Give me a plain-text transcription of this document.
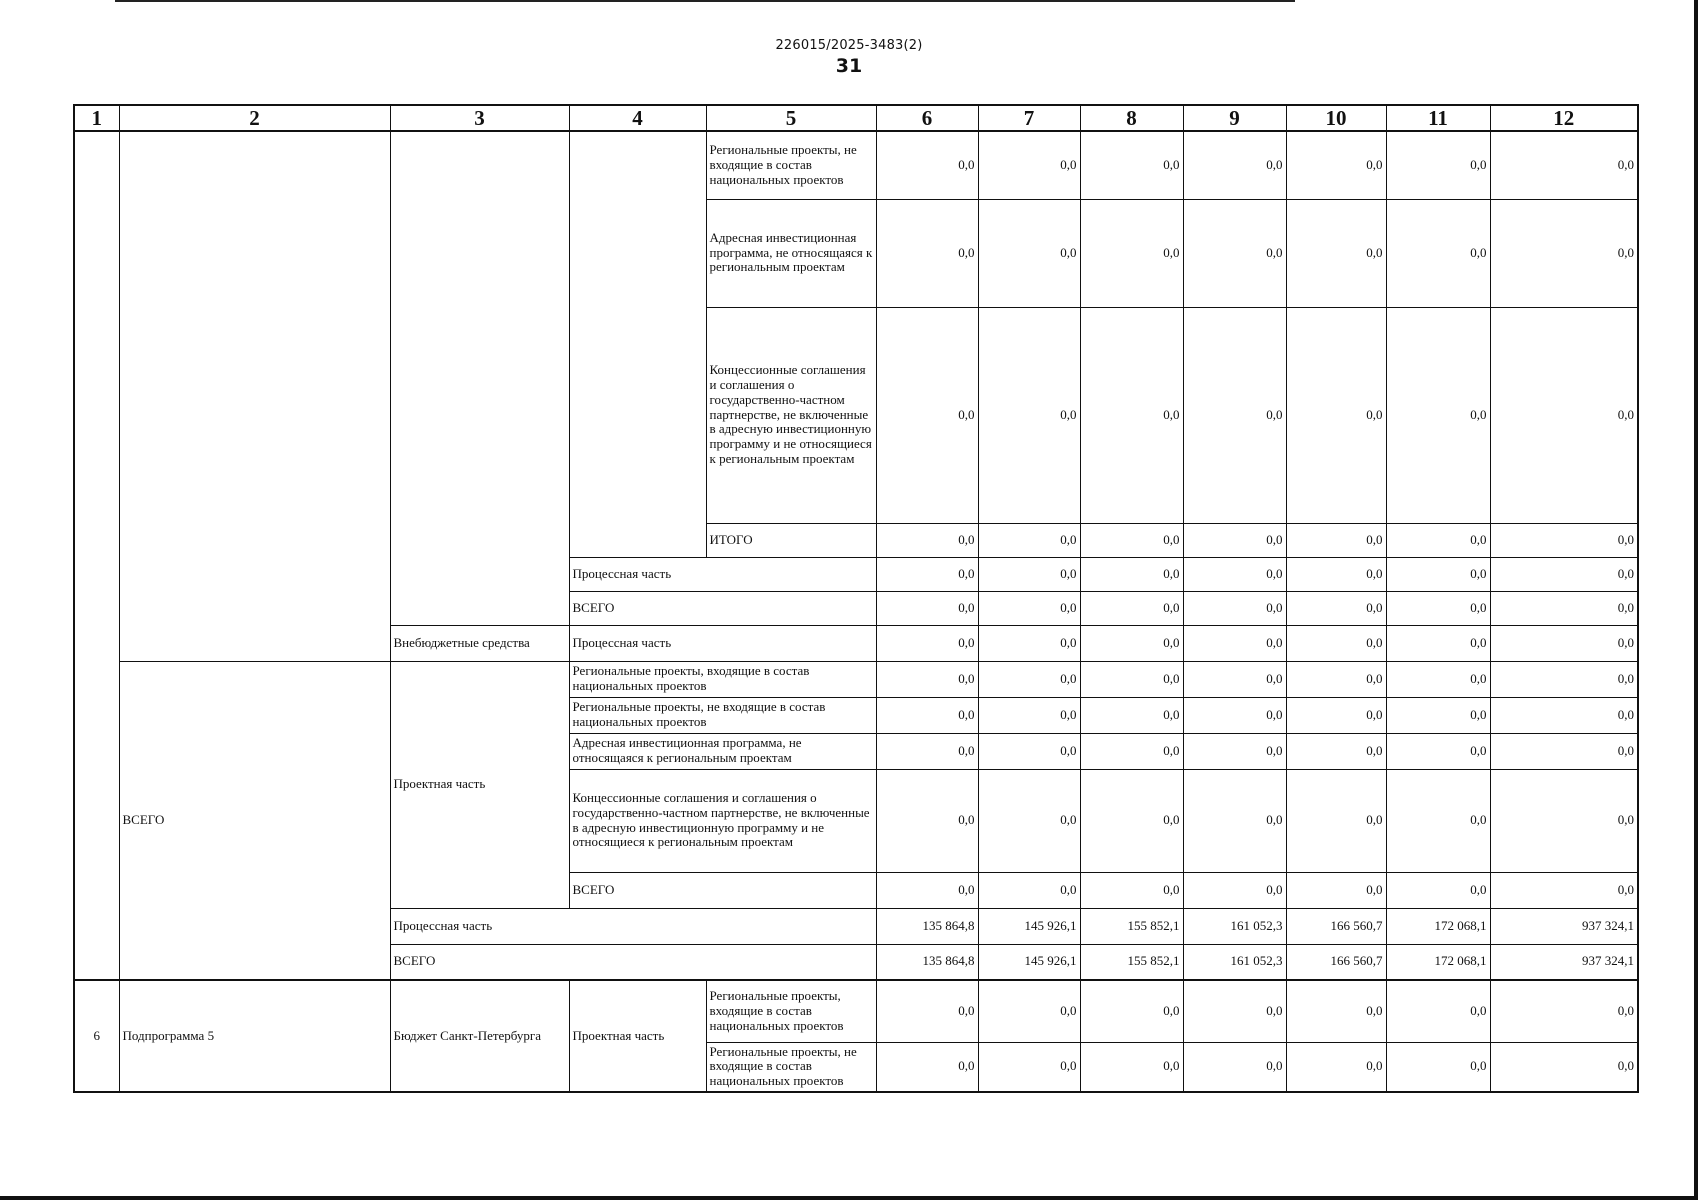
226015/2025-3483(2)
31
1	2	3	4	5	6	7	8	9	10	11	12
				Региональные проекты, не входящие в состав национальных проектов	0,0	0,0	0,0	0,0	0,0	0,0	0,0
				Адресная инвестиционная программа, не относящаяся к региональным проектам	0,0	0,0	0,0	0,0	0,0	0,0	0,0
				Концессионные соглашения и соглашения о государственно-частном партнерстве, не включенные в адресную инвестиционную программу и не относящиеся к региональным проектам	0,0	0,0	0,0	0,0	0,0	0,0	0,0
				ИТОГО	0,0	0,0	0,0	0,0	0,0	0,0	0,0
			Процессная часть		0,0	0,0	0,0	0,0	0,0	0,0	0,0
			ВСЕГО		0,0	0,0	0,0	0,0	0,0	0,0	0,0
		Внебюджетные средства	Процессная часть		0,0	0,0	0,0	0,0	0,0	0,0	0,0
	ВСЕГО	Проектная часть	Региональные проекты, входящие в состав национальных проектов		0,0	0,0	0,0	0,0	0,0	0,0	0,0
			Региональные проекты, не входящие в состав национальных проектов		0,0	0,0	0,0	0,0	0,0	0,0	0,0
			Адресная инвестиционная программа, не относящаяся к региональным проектам		0,0	0,0	0,0	0,0	0,0	0,0	0,0
			Концессионные соглашения и соглашения о государственно-частном партнерстве, не включенные в адресную инвестиционную программу и не относящиеся к региональным проектам		0,0	0,0	0,0	0,0	0,0	0,0	0,0
			ВСЕГО		0,0	0,0	0,0	0,0	0,0	0,0	0,0
		Процессная часть			135 864,8	145 926,1	155 852,1	161 052,3	166 560,7	172 068,1	937 324,1
		ВСЕГО			135 864,8	145 926,1	155 852,1	161 052,3	166 560,7	172 068,1	937 324,1
6	Подпрограмма 5	Бюджет Санкт-Петербурга	Проектная часть	Региональные проекты, входящие в состав национальных проектов	0,0	0,0	0,0	0,0	0,0	0,0	0,0
				Региональные проекты, не входящие в состав национальных проектов	0,0	0,0	0,0	0,0	0,0	0,0	0,0
